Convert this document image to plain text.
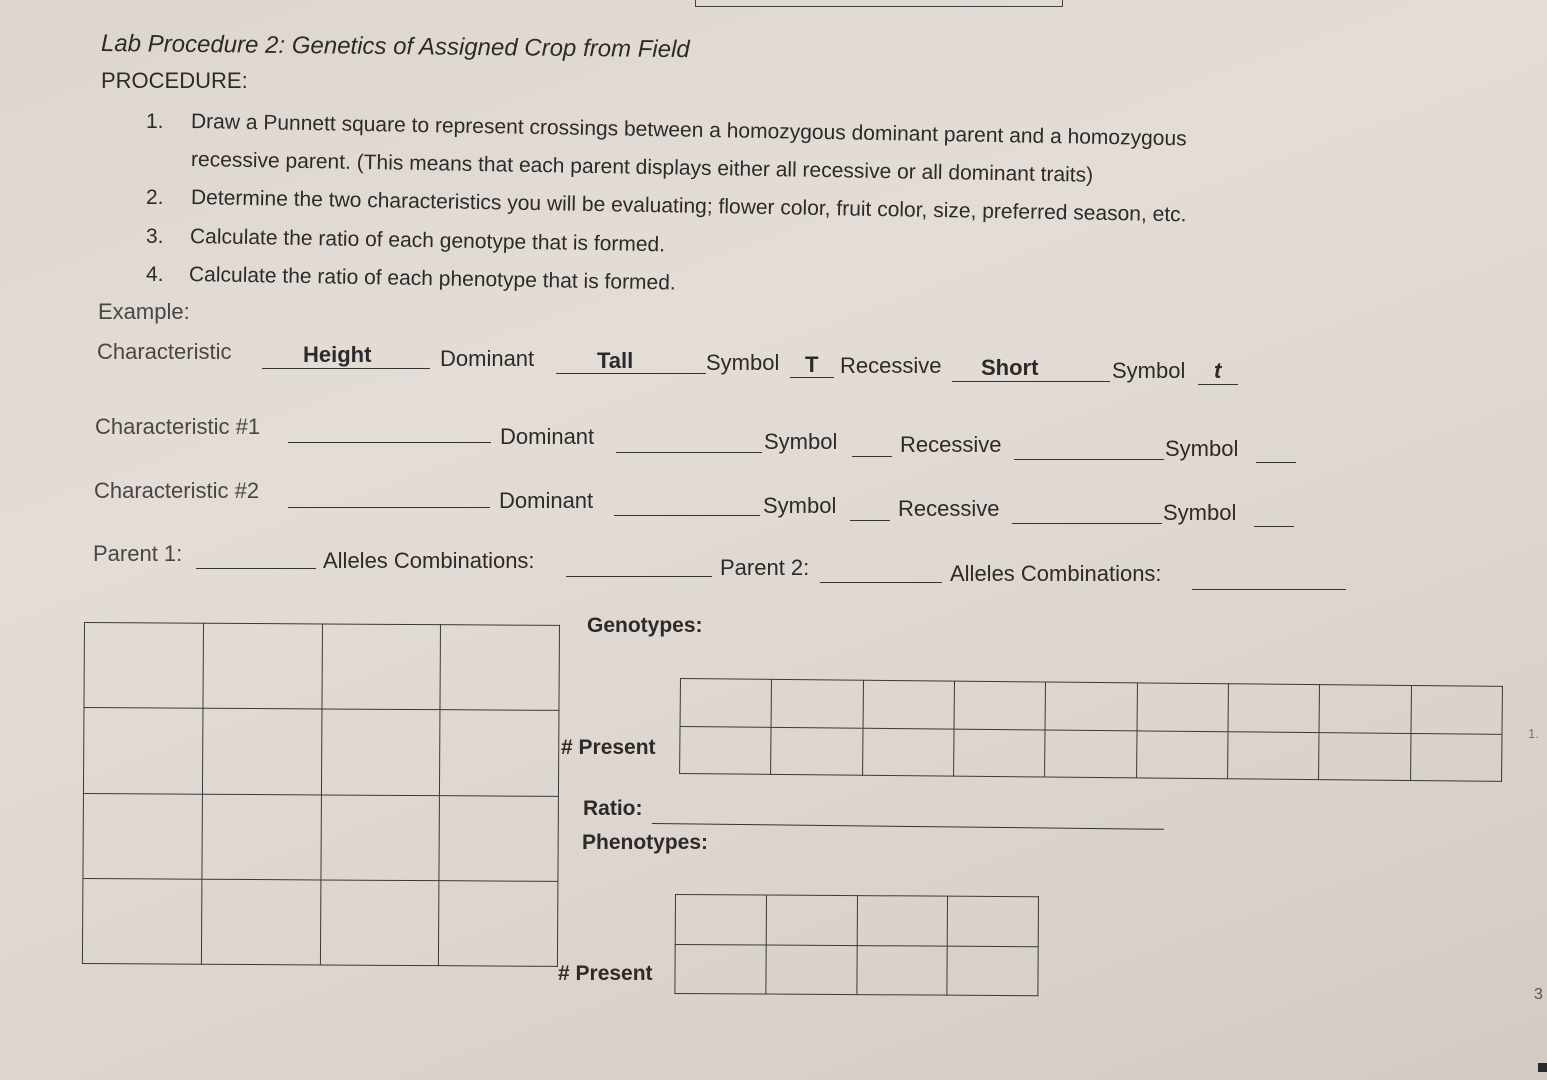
Lab Procedure 2: Genetics of Assigned Crop from Field
PROCEDURE:
1. Draw a Punnett square to represent crossings between a homozygous dominant parent and a homozygous
recessive parent. (This means that each parent displays either all recessive or all dominant traits)
2. Determine the two characteristics you will be evaluating; flower color, fruit color, size, preferred season, etc.
3. Calculate the ratio of each genotype that is formed.
4. Calculate the ratio of each phenotype that is formed.
Example:
Characteristic	Height	Dominant	Tall	Symbol T Recessive Short	Symbol t
Characteristic #1	Dominant	Symbol	Recessive	Symbol
Characteristic #2	Dominant	Symbol	Recessive	Symbol
Parent 1:	Alleles Combinations:	Parent 2:	Alleles Combinations:

Genotypes:

# Present
Ratio:
Phenotypes:

# Present
1.
3
